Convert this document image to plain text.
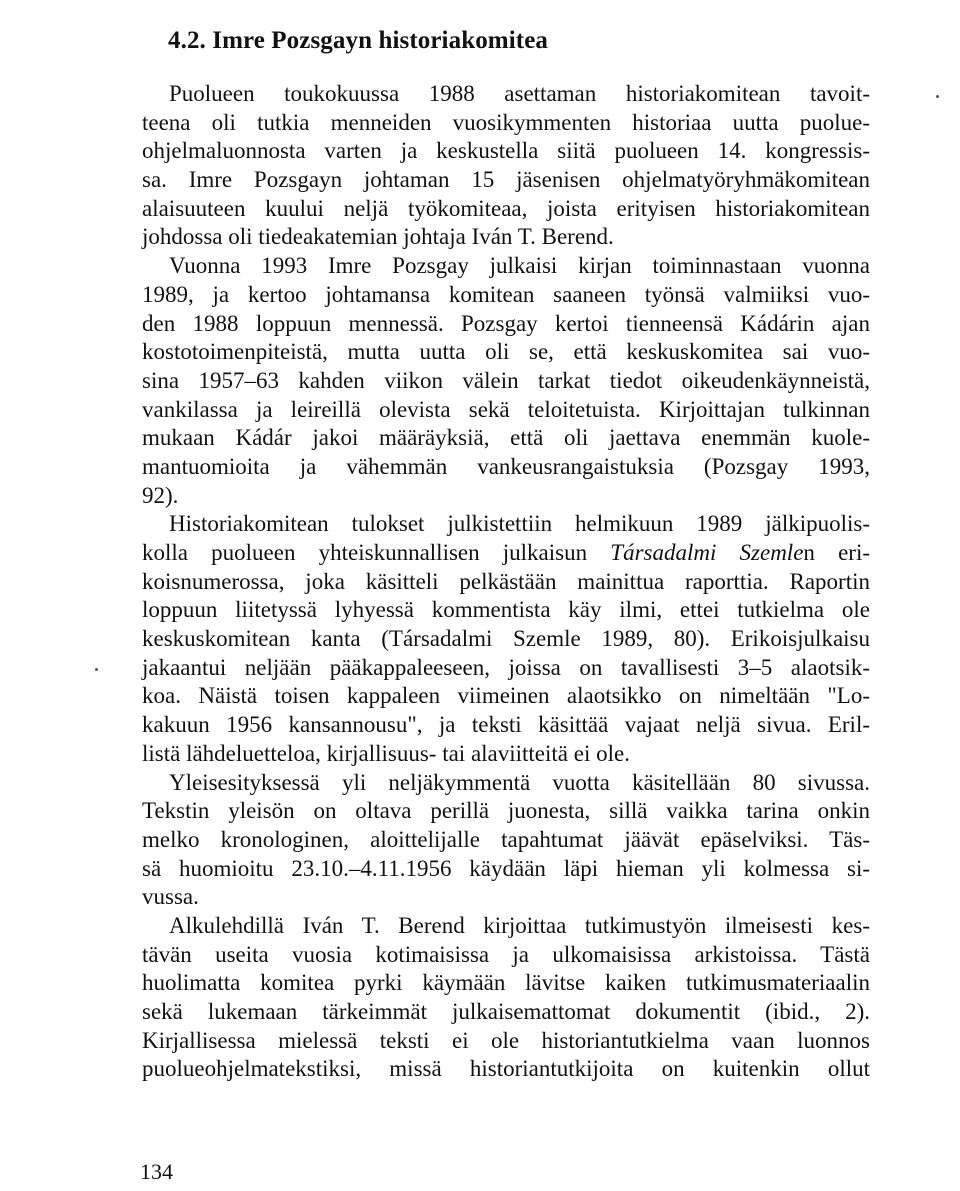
4.2. Imre Pozsgayn historiakomitea
Puolueen toukokuussa 1988 asettaman historiakomitean tavoit-
teena oli tutkia menneiden vuosikymmenten historiaa uutta puolue-
ohjelmaluonnosta varten ja keskustella siitä puolueen 14. kongressis-
sa. Imre Pozsgayn johtaman 15 jäsenisen ohjelmatyöryhmäkomitean
alaisuuteen kuului neljä työkomiteaa, joista erityisen historiakomitean
johdossa oli tiedeakatemian johtaja Iván T. Berend.
Vuonna 1993 Imre Pozsgay julkaisi kirjan toiminnastaan vuonna
1989, ja kertoo johtamansa komitean saaneen työnsä valmiiksi vuo-
den 1988 loppuun mennessä. Pozsgay kertoi tienneensä Kádárin ajan
kostotoimenpiteistä, mutta uutta oli se, että keskuskomitea sai vuo-
sina 1957–63 kahden viikon välein tarkat tiedot oikeudenkäynneistä,
vankilassa ja leireillä olevista sekä teloitetuista. Kirjoittajan tulkinnan
mukaan Kádár jakoi määräyksiä, että oli jaettava enemmän kuole-
mantuomioita ja vähemmän vankeusrangaistuksia (Pozsgay 1993,
92).
Historiakomitean tulokset julkistettiin helmikuun 1989 jälkipuolis-
kolla puolueen yhteiskunnallisen julkaisun Társadalmi Szemlen eri-
koisnumerossa, joka käsitteli pelkästään mainittua raporttia. Raportin
loppuun liitetyssä lyhyessä kommentista käy ilmi, ettei tutkielma ole
keskuskomitean kanta (Társadalmi Szemle 1989, 80). Erikoisjulkaisu
jakaantui neljään pääkappaleeseen, joissa on tavallisesti 3–5 alaotsik-
koa. Näistä toisen kappaleen viimeinen alaotsikko on nimeltään "Lo-
kakuun 1956 kansannousu", ja teksti käsittää vajaat neljä sivua. Eril-
listä lähdeluetteloa, kirjallisuus- tai alaviitteitä ei ole.
Yleisesityksessä yli neljäkymmentä vuotta käsitellään 80 sivussa.
Tekstin yleisön on oltava perillä juonesta, sillä vaikka tarina onkin
melko kronologinen, aloittelijalle tapahtumat jäävät epäselviksi. Täs-
sä huomioitu 23.10.–4.11.1956 käydään läpi hieman yli kolmessa si-
vussa.
Alkulehdillä Iván T. Berend kirjoittaa tutkimustyön ilmeisesti kes-
tävän useita vuosia kotimaisissa ja ulkomaisissa arkistoissa. Tästä
huolimatta komitea pyrki käymään lävitse kaiken tutkimusmateriaalin
sekä lukemaan tärkeimmät julkaisemattomat dokumentit (ibid., 2).
Kirjallisessa mielessä teksti ei ole historiantutkielma vaan luonnos
puolueohjelmatekstiksi, missä historiantutkijoita on kuitenkin ollut
134
